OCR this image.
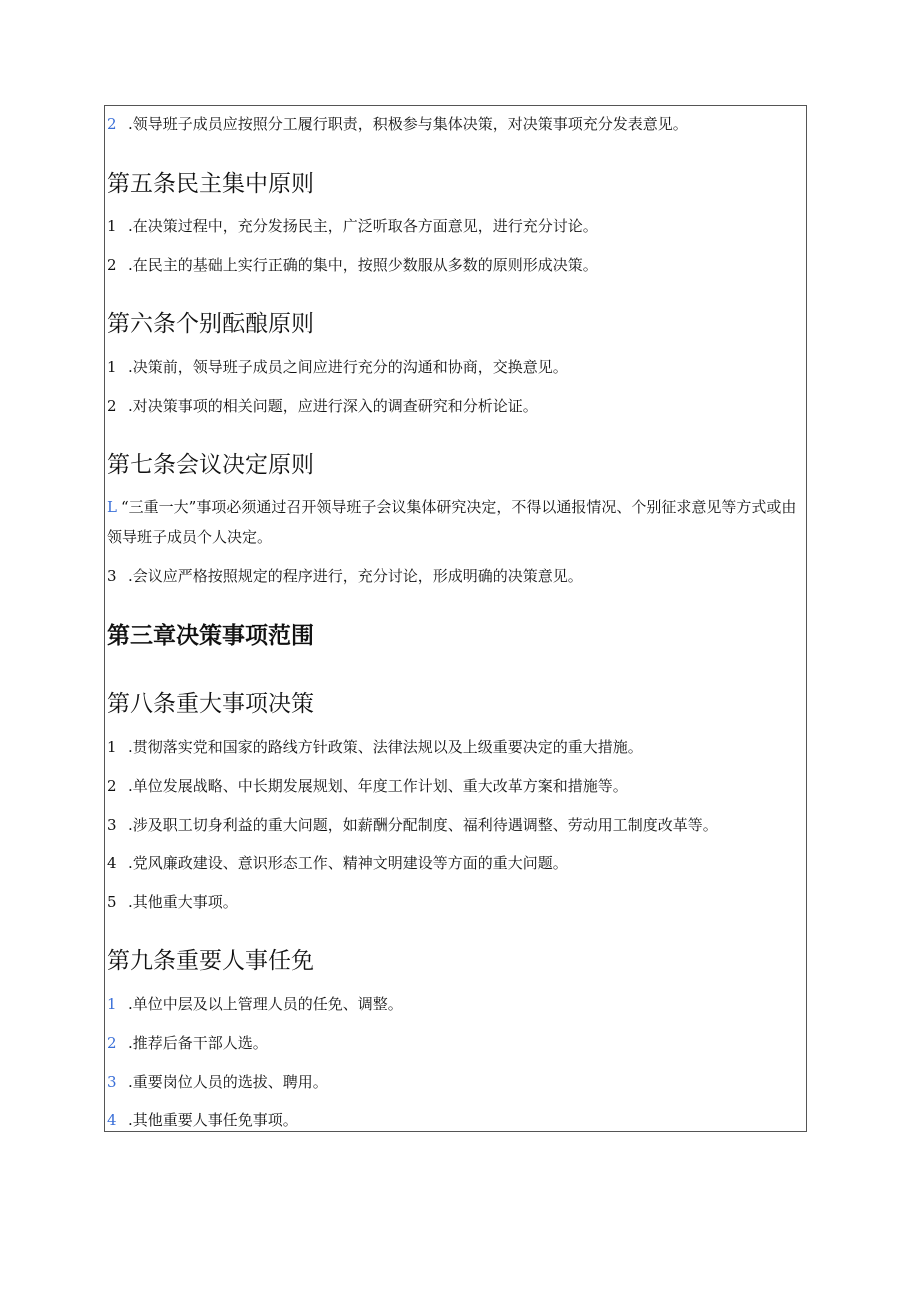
2 .领导班子成员应按照分工履行职责，积极参与集体决策，对决策事项充分发表意见。
第五条民主集中原则
1 .在决策过程中，充分发扬民主，广泛听取各方面意见，进行充分讨论。
2 .在民主的基础上实行正确的集中，按照少数服从多数的原则形成决策。
第六条个别酝酿原则
1 .决策前，领导班子成员之间应进行充分的沟通和协商，交换意见。
2 .对决策事项的相关问题，应进行深入的调查研究和分析论证。
第七条会议决定原则
L “三重一大”事项必须通过召开领导班子会议集体研究决定，不得以通报情况、个别征求意见等方式或由领导班子成员个人决定。
3 .会议应严格按照规定的程序进行，充分讨论，形成明确的决策意见。
第三章决策事项范围
第八条重大事项决策
1 .贯彻落实党和国家的路线方针政策、法律法规以及上级重要决定的重大措施。
2 .单位发展战略、中长期发展规划、年度工作计划、重大改革方案和措施等。
3 .涉及职工切身利益的重大问题，如薪酬分配制度、福利待遇调整、劳动用工制度改革等。
4 .党风廉政建设、意识形态工作、精神文明建设等方面的重大问题。
5 .其他重大事项。
第九条重要人事任免
1 .单位中层及以上管理人员的任免、调整。
2 .推荐后备干部人选。
3 .重要岗位人员的选拔、聘用。
4 .其他重要人事任免事项。
